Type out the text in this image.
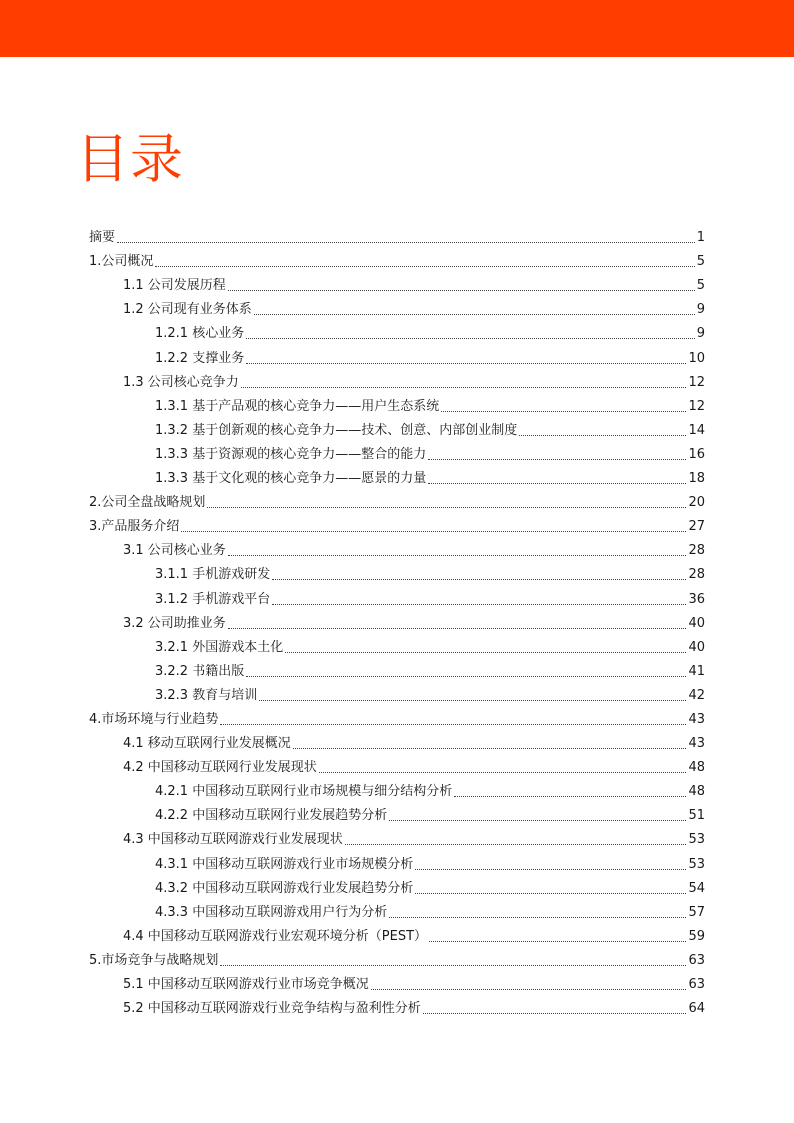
目录
摘要	1
1.公司概况	5
1.1 公司发展历程	5
1.2 公司现有业务体系	9
1.2.1 核心业务	9
1.2.2 支撑业务	10
1.3 公司核心竞争力	12
1.3.1 基于产品观的核心竞争力——用户生态系统	12
1.3.2 基于创新观的核心竞争力——技术、创意、内部创业制度	14
1.3.3 基于资源观的核心竞争力——整合的能力	16
1.3.3 基于文化观的核心竞争力——愿景的力量	18
2.公司全盘战略规划	20
3.产品服务介绍	27
3.1 公司核心业务	28
3.1.1 手机游戏研发	28
3.1.2 手机游戏平台	36
3.2 公司助推业务	40
3.2.1 外国游戏本土化	40
3.2.2 书籍出版	41
3.2.3 教育与培训	42
4.市场环境与行业趋势	43
4.1 移动互联网行业发展概况	43
4.2 中国移动互联网行业发展现状	48
4.2.1 中国移动互联网行业市场规模与细分结构分析	48
4.2.2 中国移动互联网行业发展趋势分析	51
4.3 中国移动互联网游戏行业发展现状	53
4.3.1 中国移动互联网游戏行业市场规模分析	53
4.3.2 中国移动互联网游戏行业发展趋势分析	54
4.3.3 中国移动互联网游戏用户行为分析	57
4.4 中国移动互联网游戏行业宏观环境分析（PEST）	59
5.市场竞争与战略规划	63
5.1 中国移动互联网游戏行业市场竞争概况	63
5.2 中国移动互联网游戏行业竞争结构与盈利性分析	64
